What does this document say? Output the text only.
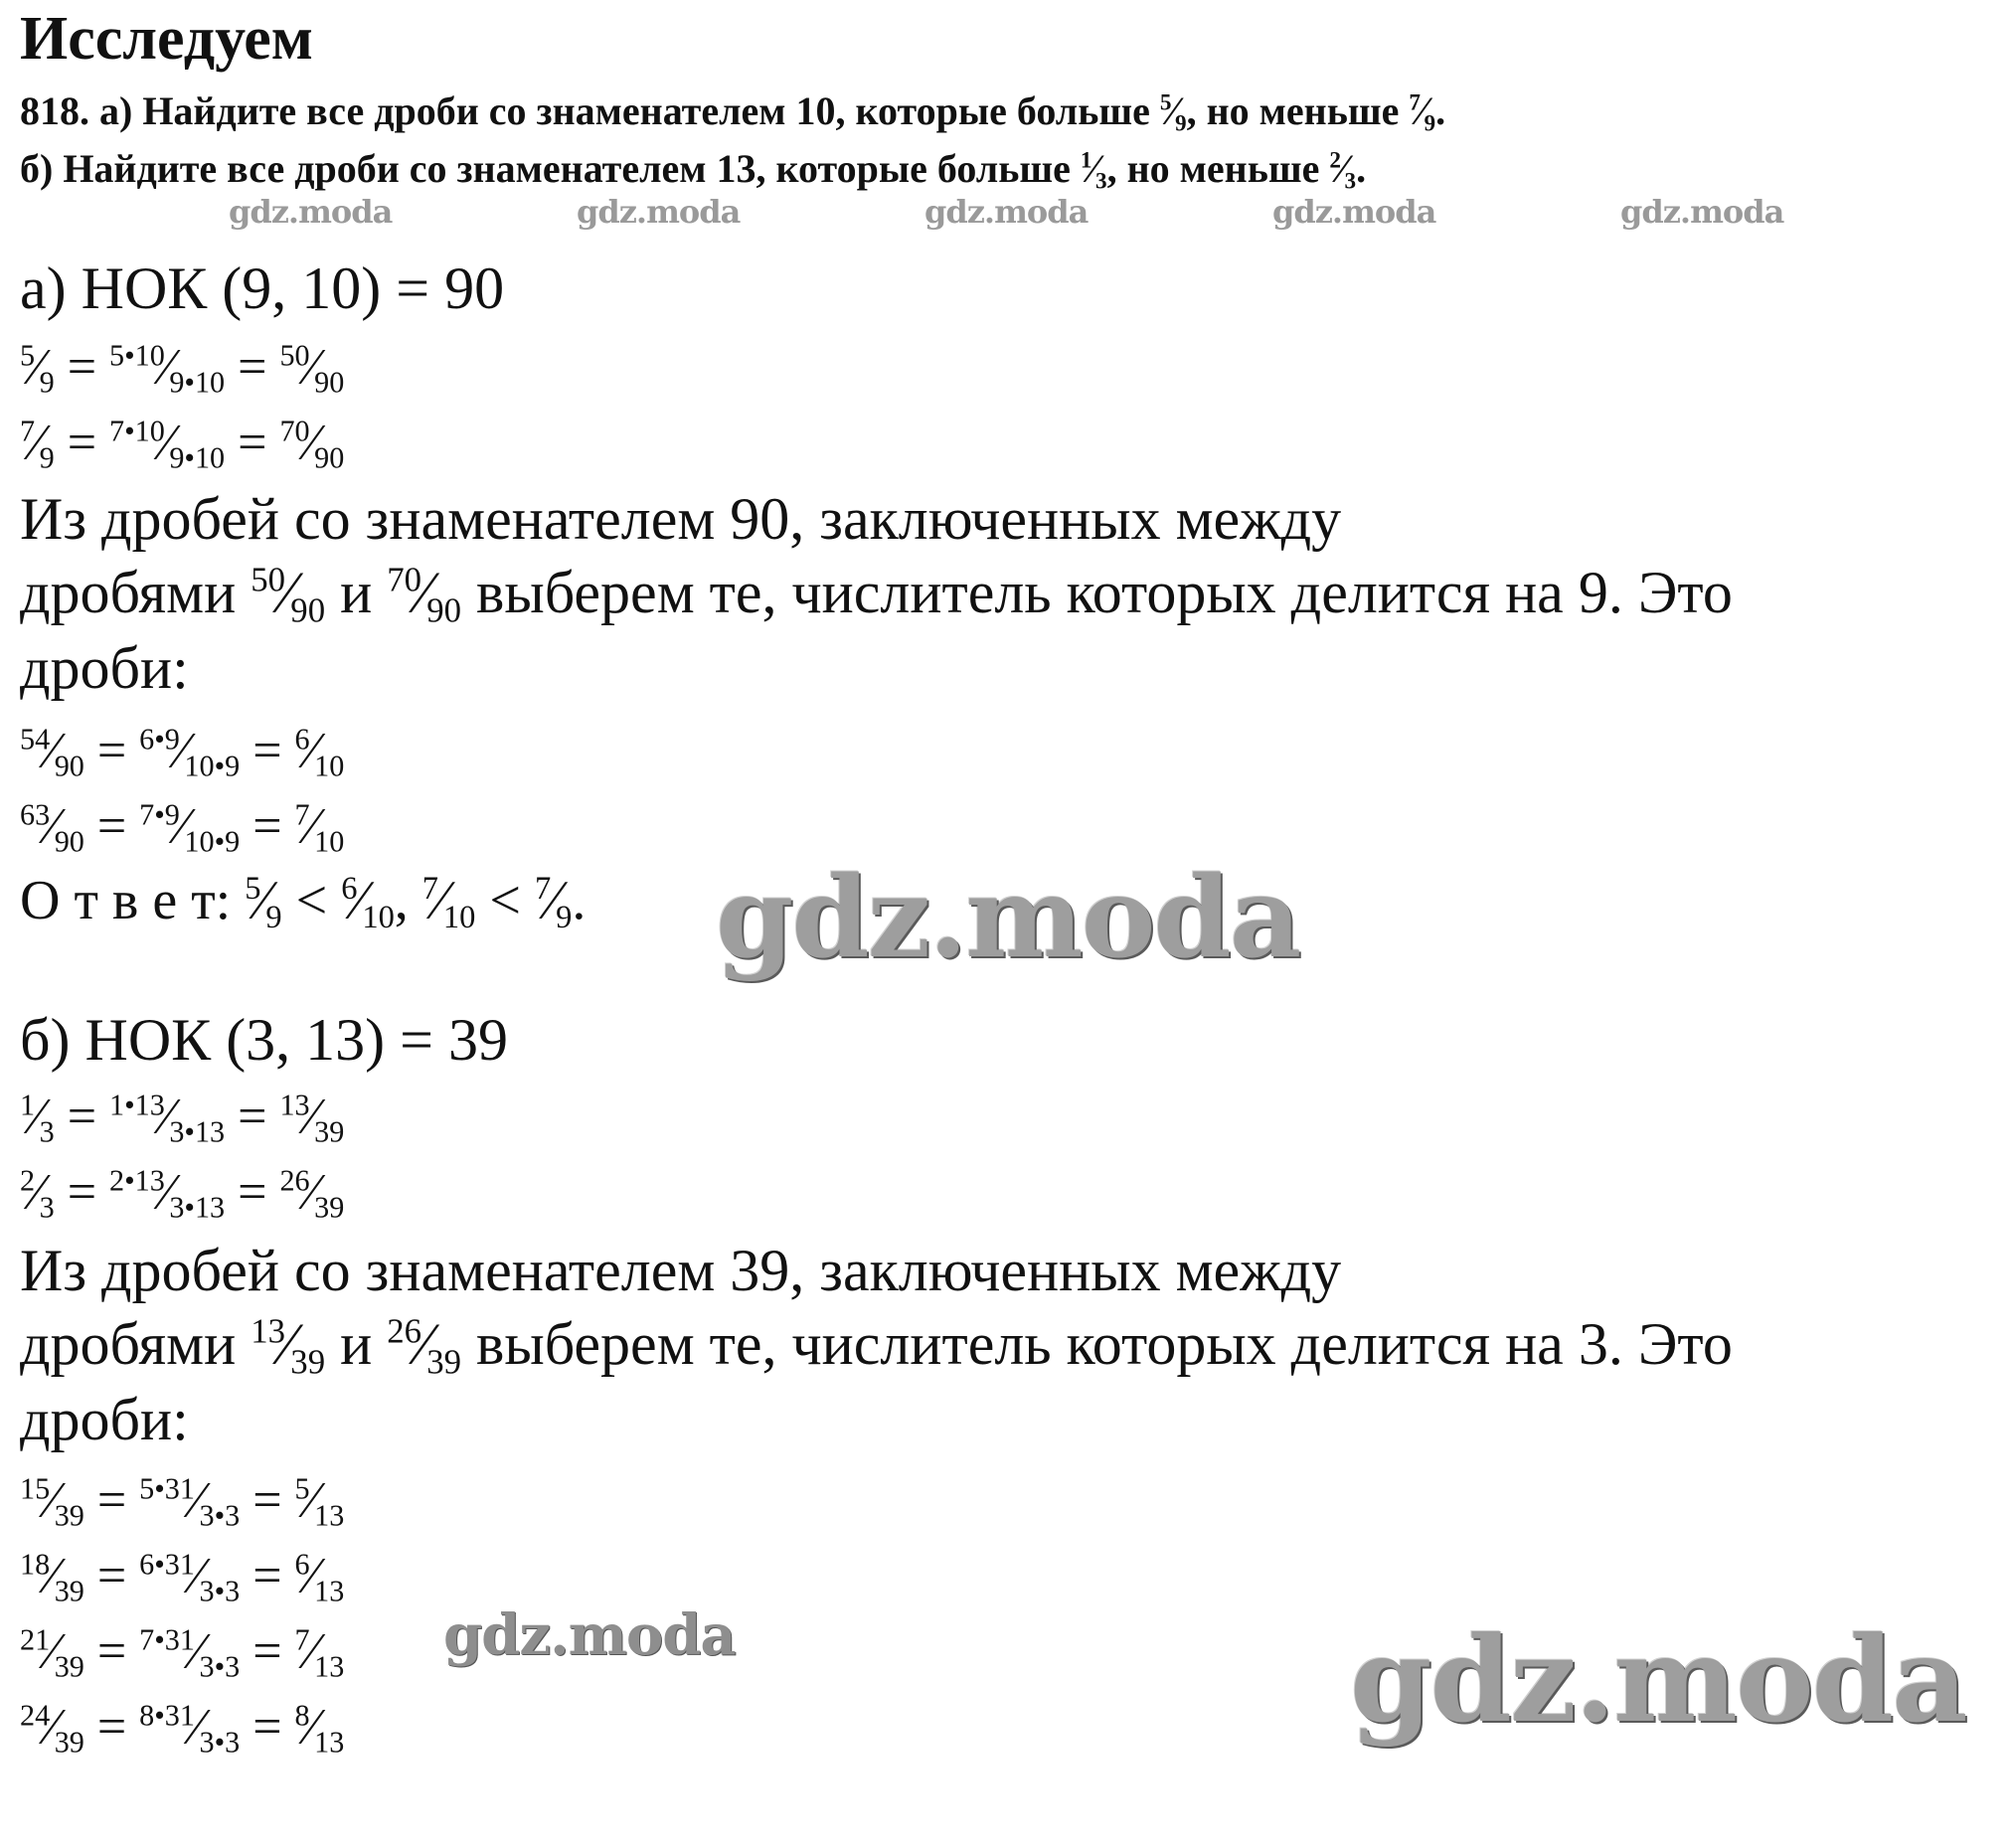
Исследуем
818. а) Найдите все дроби со знаменателем 10, которые больше $^5$⁄9, но меньше $^7$⁄9.
б) Найдите все дроби со знаменателем 13, которые больше $^1$⁄3, но меньше $^2$⁄3.
gdz.moda	gdz.moda	gdz.moda	gdz.moda	gdz.moda
а) НОК (9, 10) = 90
$^5$⁄9 = $^{5•10}$⁄9•10 = $^{50}$⁄90
$^7$⁄9 = $^{7•10}$⁄9•10 = $^{70}$⁄90
Из дробей со знаменателем 90, заключенных между
дробями $^{50}$⁄90 и $^{70}$⁄90 выберем те, числитель которых делится на 9. Это
дроби:
$^{54}$⁄90 = $^{6•9}$⁄10•9 = $^6$⁄10
$^{63}$⁄90 = $^{7•9}$⁄10•9 = $^7$⁄10
О т в е т: $^5$⁄9 < $^6$⁄10, $^7$⁄10 < $^7$⁄9. gdz.moda
б) НОК (3, 13) = 39
$^1$⁄3 = $^{1•13}$⁄3•13 = $^{13}$⁄39
$^2$⁄3 = $^{2•13}$⁄3•13 = $^{26}$⁄39
Из дробей со знаменателем 39, заключенных между
дробями $^{13}$⁄39 и $^{26}$⁄39 выберем те, числитель которых делится на 3. Это
дроби:
$^{15}$⁄39 = $^{5•31}$⁄3•3 = $^5$⁄13
$^{18}$⁄39 = $^{6•31}$⁄3•3 = $^6$⁄13
$^{21}$⁄39 = $^{7•31}$⁄3•3 = $^7$⁄13
$^{24}$⁄39 = $^{8•31}$⁄3•3 = $^8$⁄13
gdz.moda	gdz.moda
